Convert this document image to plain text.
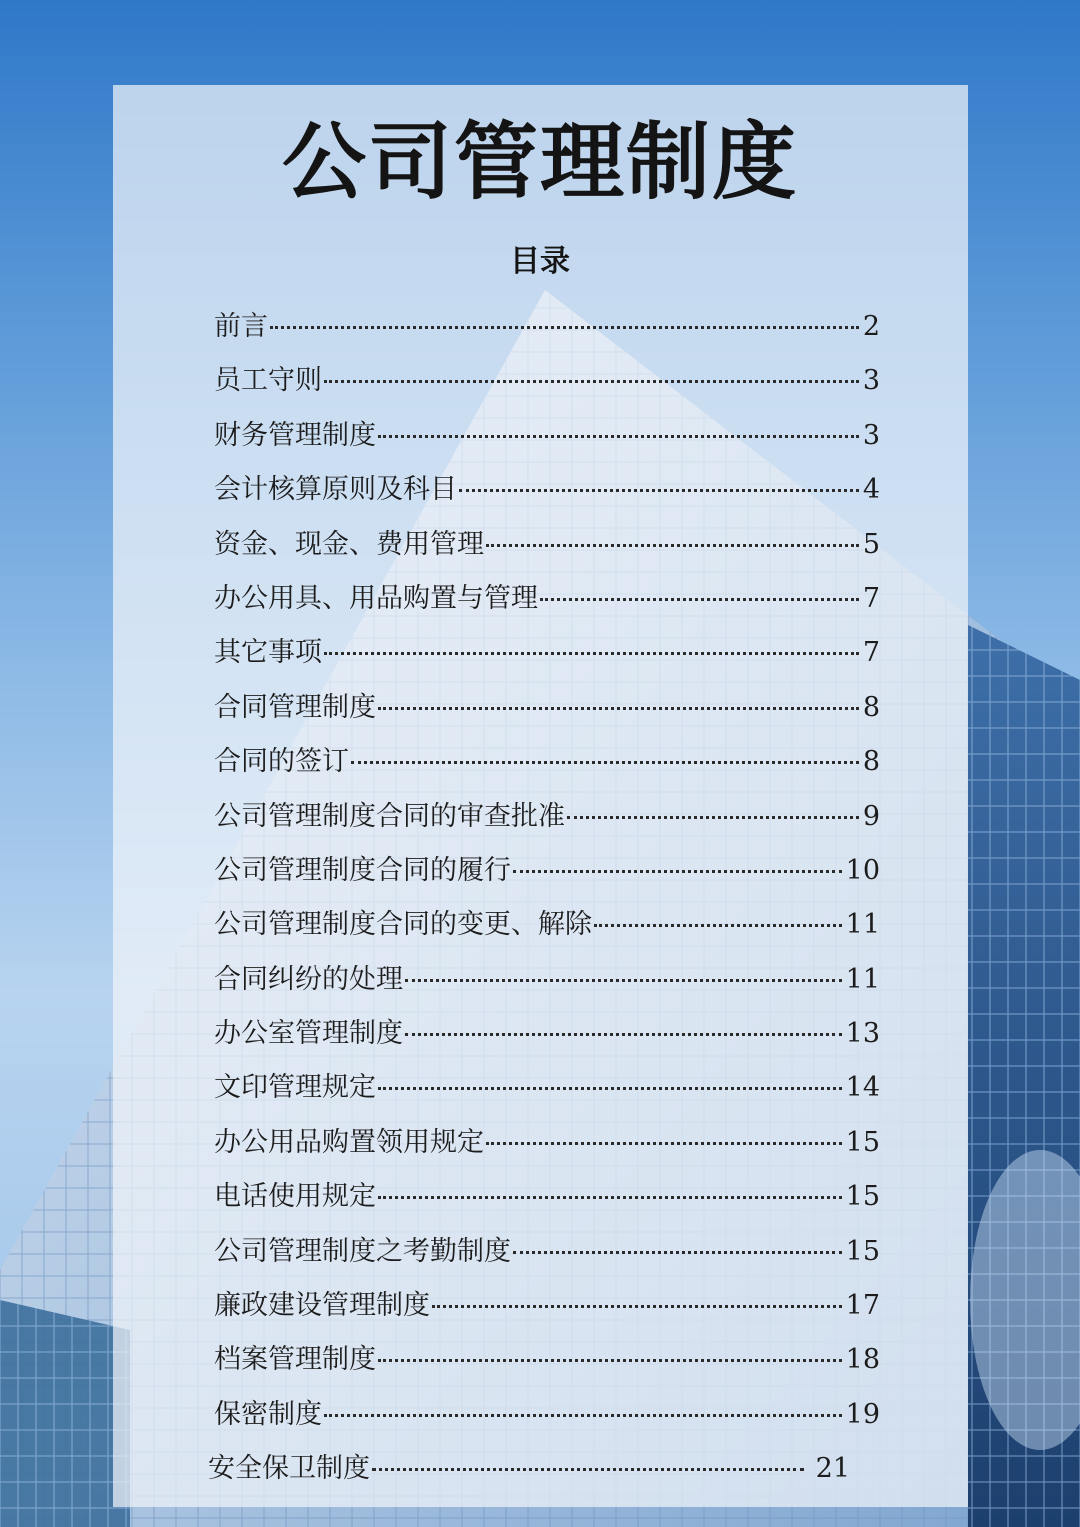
公司管理制度
目录
前言	2
员工守则	3
财务管理制度	3
会计核算原则及科目	4
资金、现金、费用管理	5
办公用具、用品购置与管理	7
其它事项	7
合同管理制度	8
合同的签订	8
公司管理制度合同的审查批准	9
公司管理制度合同的履行	10
公司管理制度合同的变更、解除	11
合同纠纷的处理	11
办公室管理制度	13
文印管理规定	14
办公用品购置领用规定	15
电话使用规定	15
公司管理制度之考勤制度	15
廉政建设管理制度	17
档案管理制度	18
保密制度	19
安全保卫制度	21
